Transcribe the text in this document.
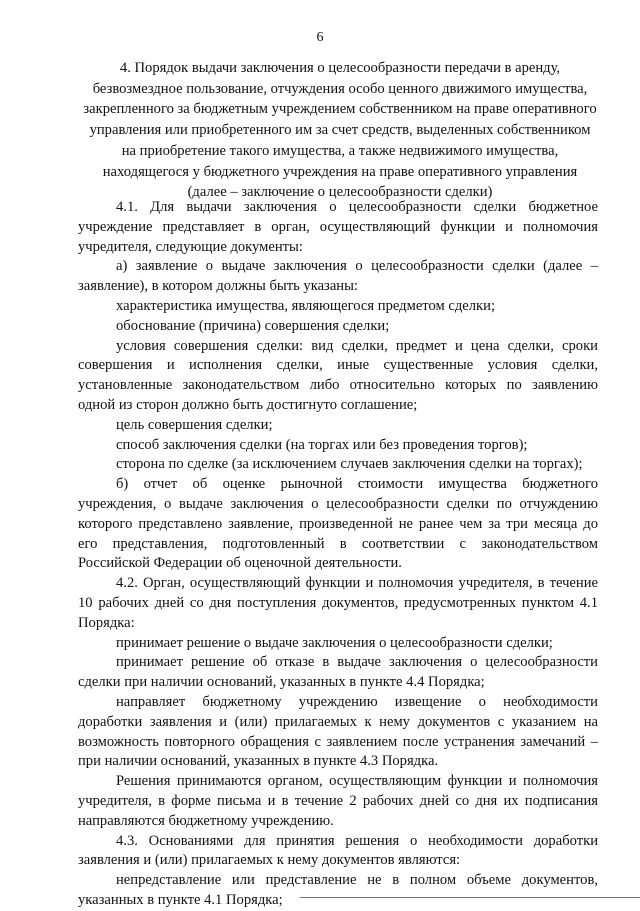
6
4. Порядок выдачи заключения о целесообразности передачи в аренду,
безвозмездное пользование, отчуждения особо ценного движимого имущества,
закрепленного за бюджетным учреждением собственником на праве оперативного
управления или приобретенного им за счет средств, выделенных собственником
на приобретение такого имущества, а также недвижимого имущества,
находящегося у бюджетного учреждения на праве оперативного управления
(далее – заключение о целесообразности сделки)

4.1. Для выдачи заключения о целесообразности сделки бюджетное учреждение представляет в орган, осуществляющий функции и полномочия учредителя, следующие документы:

а) заявление о выдаче заключения о целесообразности сделки (далее – заявление), в котором должны быть указаны:

характеристика имущества, являющегося предметом сделки;

обоснование (причина) совершения сделки;

условия совершения сделки: вид сделки, предмет и цена сделки, сроки совершения и исполнения сделки, иные существенные условия сделки, установленные законодательством либо относительно которых по заявлению одной из сторон должно быть достигнуто соглашение;

цель совершения сделки;

способ заключения сделки (на торгах или без проведения торгов);

сторона по сделке (за исключением случаев заключения сделки на торгах);

б) отчет об оценке рыночной стоимости имущества бюджетного учреждения, о выдаче заключения о целесообразности сделки по отчуждению которого представлено заявление, произведенной не ранее чем за три месяца до его представления, подготовленный в соответствии с законодательством Российской Федерации об оценочной деятельности.

4.2. Орган, осуществляющий функции и полномочия учредителя, в течение 10 рабочих дней со дня поступления документов, предусмотренных пунктом 4.1 Порядка:

принимает решение о выдаче заключения о целесообразности сделки;

принимает решение об отказе в выдаче заключения о целесообразности сделки при наличии оснований, указанных в пункте 4.4 Порядка;

направляет бюджетному учреждению извещение о необходимости доработки заявления и (или) прилагаемых к нему документов с указанием на возможность повторного обращения с заявлением после устранения замечаний – при наличии оснований, указанных в пункте 4.3 Порядка.

Решения принимаются органом, осуществляющим функции и полномочия учредителя, в форме письма и в течение 2 рабочих дней со дня их подписания направляются бюджетному учреждению.

4.3. Основаниями для принятия решения о необходимости доработки заявления и (или) прилагаемых к нему документов являются:

непредставление или представление не в полном объеме документов, указанных в пункте 4.1 Порядка;
